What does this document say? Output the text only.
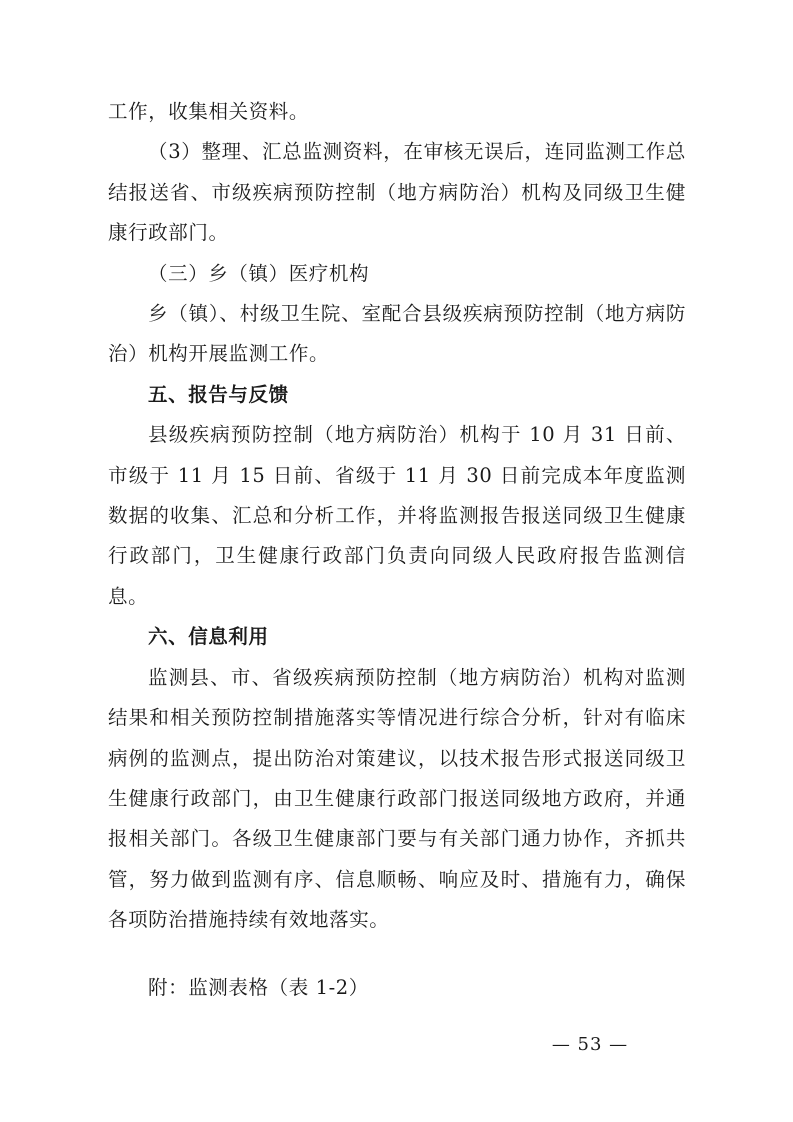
工作，收集相关资料。

（3）整理、汇总监测资料，在审核无误后，连同监测工作总结报送省、市级疾病预防控制（地方病防治）机构及同级卫生健康行政部门。

（三）乡（镇）医疗机构

乡（镇）、村级卫生院、室配合县级疾病预防控制（地方病防治）机构开展监测工作。

五、报告与反馈

县级疾病预防控制（地方病防治）机构于 10 月 31 日前、市级于 11 月 15 日前、省级于 11 月 30 日前完成本年度监测数据的收集、汇总和分析工作，并将监测报告报送同级卫生健康行政部门，卫生健康行政部门负责向同级人民政府报告监测信息。

六、信息利用

监测县、市、省级疾病预防控制（地方病防治）机构对监测结果和相关预防控制措施落实等情况进行综合分析，针对有临床病例的监测点，提出防治对策建议，以技术报告形式报送同级卫生健康行政部门，由卫生健康行政部门报送同级地方政府，并通报相关部门。各级卫生健康部门要与有关部门通力协作，齐抓共管，努力做到监测有序、信息顺畅、响应及时、措施有力，确保各项防治措施持续有效地落实。

附：监测表格（表 1-2）

— 53 —
